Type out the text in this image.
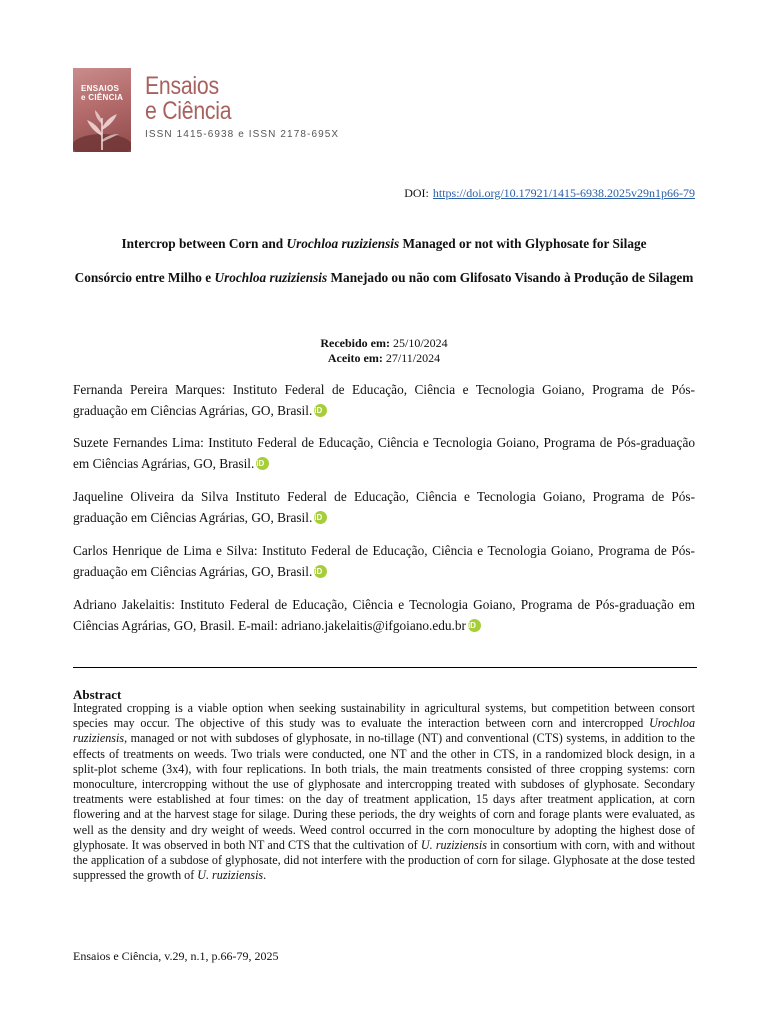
ENSAIOS
e CIÊNCIA Ensaios
e Ciência
ISSN 1415-6938 e ISSN 2178-695X
DOI: https://doi.org/10.17921/1415-6938.2025v29n1p66-79
Intercrop between Corn and Urochloa ruziziensis Managed or not with Glyphosate for Silage
Consórcio entre Milho e Urochloa ruziziensis Manejado ou não com Glifosato Visando à Produção de Silagem
Recebido em: 25/10/2024
Aceito em: 27/11/2024
Fernanda Pereira Marques: Instituto Federal de Educação, Ciência e Tecnologia Goiano, Programa de Pós-graduação em Ciências Agrárias, GO, Brasil. iD
Suzete Fernandes Lima: Instituto Federal de Educação, Ciência e Tecnologia Goiano, Programa de Pós-graduação em Ciências Agrárias, GO, Brasil. iD
Jaqueline Oliveira da Silva Instituto Federal de Educação, Ciência e Tecnologia Goiano, Programa de Pós-graduação em Ciências Agrárias, GO, Brasil. iD
Carlos Henrique de Lima e Silva: Instituto Federal de Educação, Ciência e Tecnologia Goiano, Programa de Pós-graduação em Ciências Agrárias, GO, Brasil. iD
Adriano Jakelaitis: Instituto Federal de Educação, Ciência e Tecnologia Goiano, Programa de Pós-graduação em Ciências Agrárias, GO, Brasil. E-mail: adriano.jakelaitis@ifgoiano.edu.br iD
Abstract
Integrated cropping is a viable option when seeking sustainability in agricultural systems, but competition between consort species may occur. The objective of this study was to evaluate the interaction between corn and intercropped Urochloa ruziziensis, managed or not with subdoses of glyphosate, in no-tillage (NT) and conventional (CTS) systems, in addition to the effects of treatments on weeds. Two trials were conducted, one NT and the other in CTS, in a randomized block design, in a split-plot scheme (3x4), with four replications. In both trials, the main treatments consisted of three cropping systems: corn monoculture, intercropping without the use of glyphosate and intercropping treated with subdoses of glyphosate. Secondary treatments were established at four times: on the day of treatment application, 15 days after treatment application, at corn flowering and at the harvest stage for silage. During these periods, the dry weights of corn and forage plants were evaluated, as well as the density and dry weight of weeds. Weed control occurred in the corn monoculture by adopting the highest dose of glyphosate. It was observed in both NT and CTS that the cultivation of U. ruziziensis in consortium with corn, with and without the application of a subdose of glyphosate, did not interfere with the production of corn for silage. Glyphosate at the dose tested suppressed the growth of U. ruziziensis.
Ensaios e Ciência, v.29, n.1, p.66-79, 2025
